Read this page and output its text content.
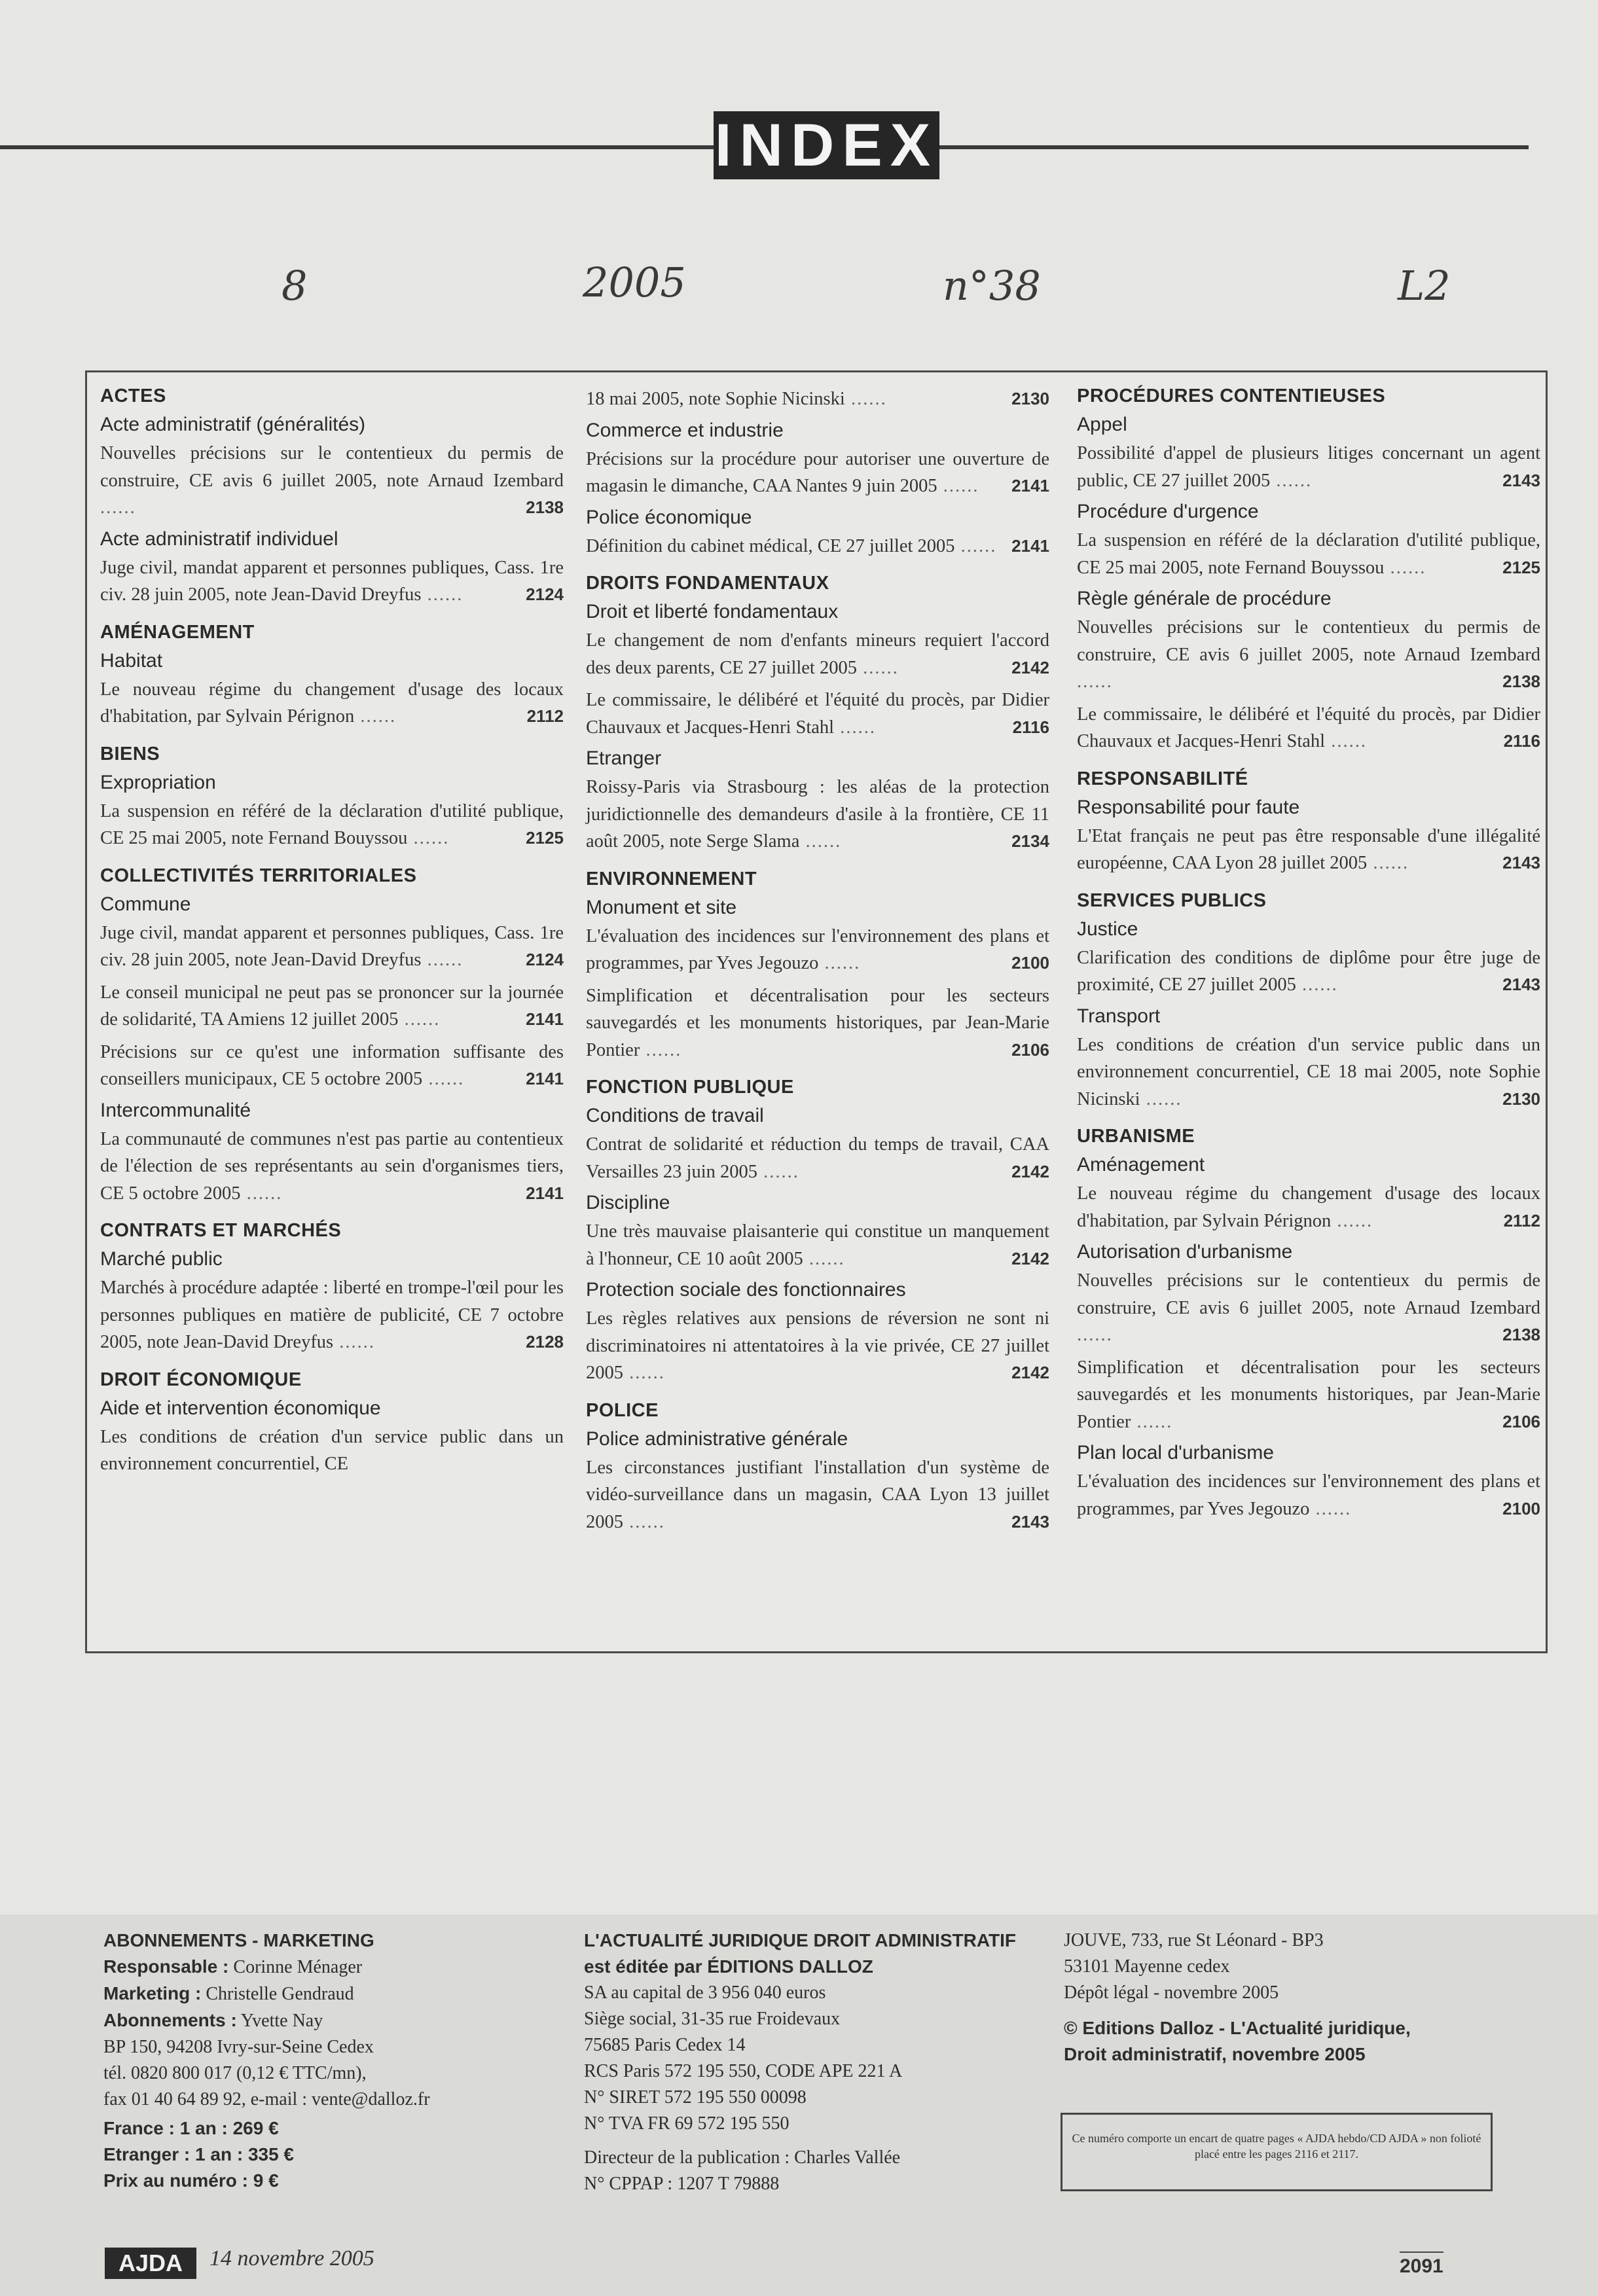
INDEX
8	2005	n°38	L2
ACTES
Acte administratif (généralités)
Nouvelles précisions sur le contentieux du permis de construire, CE avis 6 juillet 2005, note Arnaud Izembard ......	2138
Acte administratif individuel
Juge civil, mandat apparent et personnes publiques, Cass. 1re civ. 28 juin 2005, note Jean-David Dreyfus ......	2124
AMÉNAGEMENT
Habitat
Le nouveau régime du changement d'usage des locaux d'habitation, par Sylvain Pérignon ......	2112
BIENS
Expropriation
La suspension en référé de la déclaration d'utilité publique, CE 25 mai 2005, note Fernand Bouyssou ......	2125
COLLECTIVITÉS TERRITORIALES
Commune
Juge civil, mandat apparent et personnes publiques, Cass. 1re civ. 28 juin 2005, note Jean-David Dreyfus ......	2124
Le conseil municipal ne peut pas se prononcer sur la journée de solidarité, TA Amiens 12 juillet 2005 ......	2141
Précisions sur ce qu'est une information suffisante des conseillers municipaux, CE 5 octobre 2005 ......	2141
Intercommunalité
La communauté de communes n'est pas partie au contentieux de l'élection de ses représentants au sein d'organismes tiers, CE 5 octobre 2005 ......	2141
CONTRATS ET MARCHÉS
Marché public
Marchés à procédure adaptée : liberté en trompe-l'œil pour les personnes publiques en matière de publicité, CE 7 octobre 2005, note Jean-David Dreyfus ......	2128
DROIT ÉCONOMIQUE
Aide et intervention économique
Les conditions de création d'un service public dans un environnement concurrentiel, CE
18 mai 2005, note Sophie Nicinski ......	2130
Commerce et industrie
Précisions sur la procédure pour autoriser une ouverture de magasin le dimanche, CAA Nantes 9 juin 2005 ...... 2141
Police économique
Définition du cabinet médical, CE 27 juillet 2005 ...... 2141
DROITS FONDAMENTAUX
Droit et liberté fondamentaux
Le changement de nom d'enfants mineurs requiert l'accord des deux parents, CE 27 juillet 2005 ......	2142
Le commissaire, le délibéré et l'équité du procès, par Didier Chauvaux et Jacques-Henri Stahl ......	2116
Etranger
Roissy-Paris via Strasbourg : les aléas de la protection juridictionnelle des demandeurs d'asile à la frontière, CE 11 août 2005, note Serge Slama ......	2134
ENVIRONNEMENT
Monument et site
L'évaluation des incidences sur l'environnement des plans et programmes, par Yves Jegouzo ......	2100
Simplification et décentralisation pour les secteurs sauvegardés et les monuments historiques, par Jean-Marie Pontier ......	2106
FONCTION PUBLIQUE
Conditions de travail
Contrat de solidarité et réduction du temps de travail, CAA Versailles 23 juin 2005 ......	2142
Discipline
Une très mauvaise plaisanterie qui constitue un manquement à l'honneur, CE 10 août 2005 ......	2142
Protection sociale des fonctionnaires
Les règles relatives aux pensions de réversion ne sont ni discriminatoires ni attentatoires à la vie privée, CE 27 juillet 2005 ......	2142
POLICE
Police administrative générale
Les circonstances justifiant l'installation d'un système de vidéo-surveillance dans un magasin, CAA Lyon 13 juillet 2005 ......	2143
PROCÉDURES CONTENTIEUSES
Appel
Possibilité d'appel de plusieurs litiges concernant un agent public, CE 27 juillet 2005 ......	2143
Procédure d'urgence
La suspension en référé de la déclaration d'utilité publique, CE 25 mai 2005, note Fernand Bouyssou ......	2125
Règle générale de procédure
Nouvelles précisions sur le contentieux du permis de construire, CE avis 6 juillet 2005, note Arnaud Izembard ......	2138
Le commissaire, le délibéré et l'équité du procès, par Didier Chauvaux et Jacques-Henri Stahl ......	2116
RESPONSABILITÉ
Responsabilité pour faute
L'Etat français ne peut pas être responsable d'une illégalité européenne, CAA Lyon 28 juillet 2005 ......	2143
SERVICES PUBLICS
Justice
Clarification des conditions de diplôme pour être juge de proximité, CE 27 juillet 2005 ......	2143
Transport
Les conditions de création d'un service public dans un environnement concurrentiel, CE 18 mai 2005, note Sophie Nicinski ......	2130
URBANISME
Aménagement
Le nouveau régime du changement d'usage des locaux d'habitation, par Sylvain Pérignon ......	2112
Autorisation d'urbanisme
Nouvelles précisions sur le contentieux du permis de construire, CE avis 6 juillet 2005, note Arnaud Izembard ......	2138
Simplification et décentralisation pour les secteurs sauvegardés et les monuments historiques, par Jean-Marie Pontier ......	2106
Plan local d'urbanisme
L'évaluation des incidences sur l'environnement des plans et programmes, par Yves Jegouzo ......	2100
ABONNEMENTS - MARKETING
Responsable : Corinne Ménager
Marketing : Christelle Gendraud
Abonnements : Yvette Nay
BP 150, 94208 Ivry-sur-Seine Cedex
tél. 0820 800 017 (0,12 € TTC/mn),
fax 01 40 64 89 92, e-mail : vente@dalloz.fr
France : 1 an : 269 €
Etranger : 1 an : 335 €
Prix au numéro : 9 €
L'ACTUALITÉ JURIDIQUE DROIT ADMINISTRATIF
est éditée par ÉDITIONS DALLOZ
SA au capital de 3 956 040 euros
Siège social, 31-35 rue Froidevaux
75685 Paris Cedex 14
RCS Paris 572 195 550, CODE APE 221 A
N° SIRET 572 195 550 00098
N° TVA FR 69 572 195 550
Directeur de la publication : Charles Vallée
N° CPPAP : 1207 T 79888
JOUVE, 733, rue St Léonard - BP3
53101 Mayenne cedex
Dépôt légal - novembre 2005
© Editions Dalloz - L'Actualité juridique,
Droit administratif, novembre 2005
Ce numéro comporte un encart de quatre pages « AJDA hebdo/CD AJDA » non folioté placé entre les pages 2116 et 2117.
AJDA	14 novembre 2005	2091
